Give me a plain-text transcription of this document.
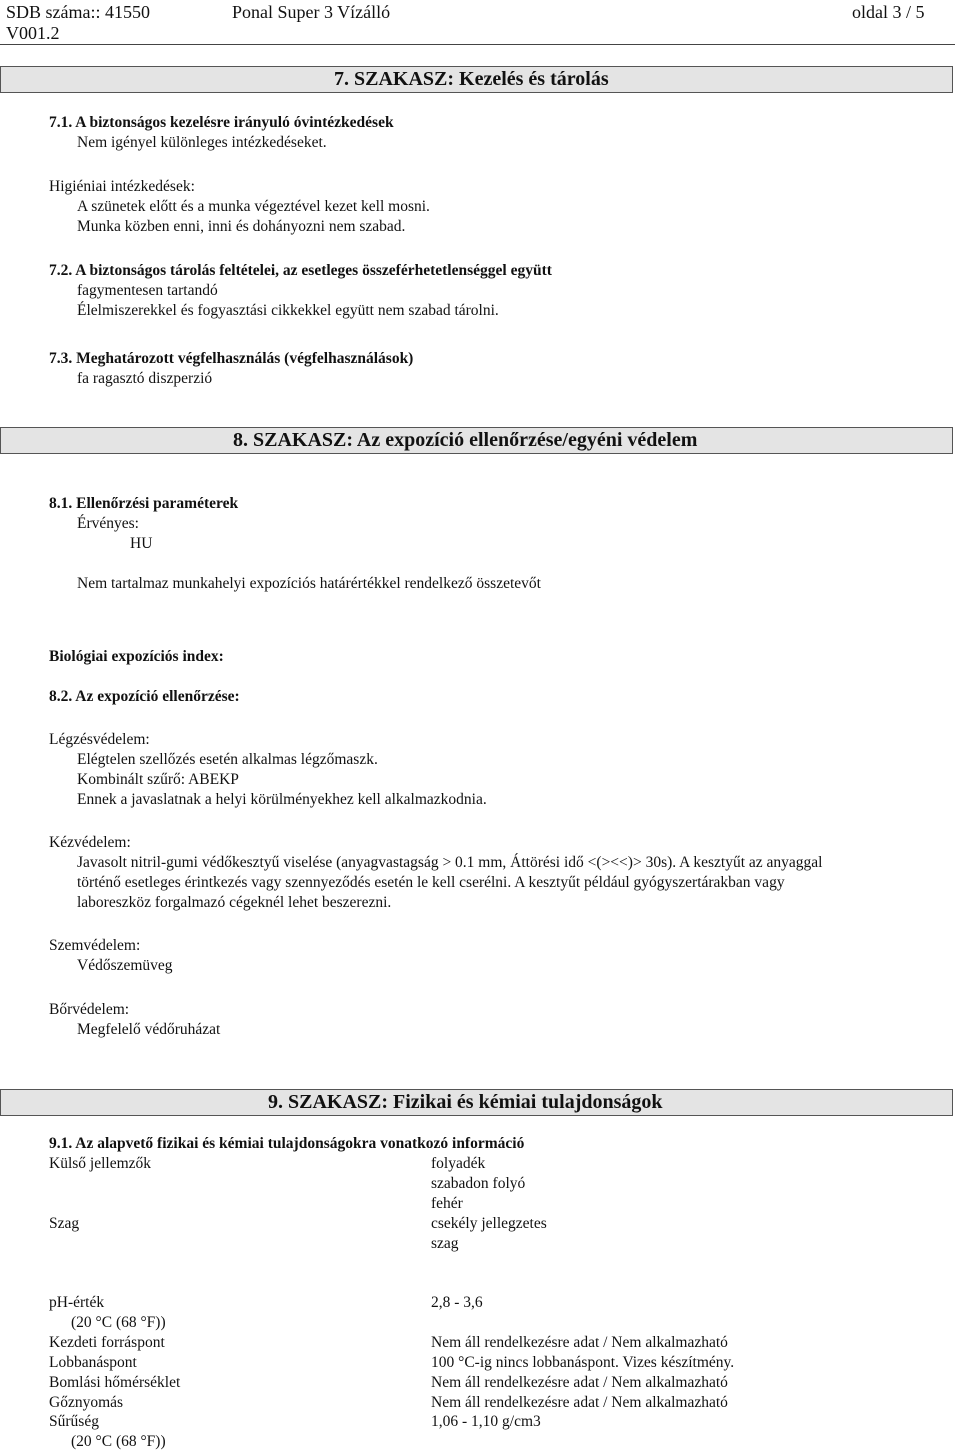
SDB száma:: 41550
V001.2
Ponal Super 3 Vízálló	oldal 3 / 5
7. SZAKASZ: Kezelés és tárolás
7.1. A biztonságos kezelésre irányuló óvintézkedések
Nem igényel különleges intézkedéseket.
Higiéniai intézkedések:
A szünetek előtt és a munka végeztével kezet kell mosni.
Munka közben enni, inni és dohányozni nem szabad.
7.2. A biztonságos tárolás feltételei, az esetleges összeférhetetlenséggel együtt
fagymentesen tartandó
Élelmiszerekkel és fogyasztási cikkekkel együtt nem szabad tárolni.
7.3. Meghatározott végfelhasználás (végfelhasználások)
fa ragasztó diszperzió
8. SZAKASZ: Az expozíció ellenőrzése/egyéni védelem
8.1. Ellenőrzési paraméterek
Érvényes:
HU
Nem tartalmaz munkahelyi expozíciós határértékkel rendelkező összetevőt
Biológiai expozíciós index:
8.2. Az expozíció ellenőrzése:
Légzésvédelem:
Elégtelen szellőzés esetén alkalmas légzőmaszk.
Kombinált szűrő: ABEKP
Ennek a javaslatnak a helyi körülményekhez kell alkalmazkodnia.
Kézvédelem:
Javasolt nitril-gumi védőkesztyű viselése (anyagvastagság > 0.1 mm, Áttörési idő <(><<)> 30s). A kesztyűt az anyaggal
történő esetleges érintkezés vagy szennyeződés esetén le kell cserélni. A kesztyűt például gyógyszertárakban vagy
laboreszköz forgalmazó cégeknél lehet beszerezni.
Szemvédelem:
Védőszemüveg
Bőrvédelem:
Megfelelő védőruházat
9. SZAKASZ: Fizikai és kémiai tulajdonságok
9.1. Az alapvető fizikai és kémiai tulajdonságokra vonatkozó információ
Külső jellemzők	folyadék
szabadon folyó
fehér
Szag	csekély jellegzetes
szag
pH-érték	2,8 - 3,6
(20 °C (68 °F))
Kezdeti forráspont	Nem áll rendelkezésre adat / Nem alkalmazható
Lobbanáspont	100 °C-ig nincs lobbanáspont. Vizes készítmény.
Bomlási hőmérséklet	Nem áll rendelkezésre adat / Nem alkalmazható
Gőznyomás	Nem áll rendelkezésre adat / Nem alkalmazható
Sűrűség	1,06 - 1,10 g/cm3
(20 °C (68 °F))
